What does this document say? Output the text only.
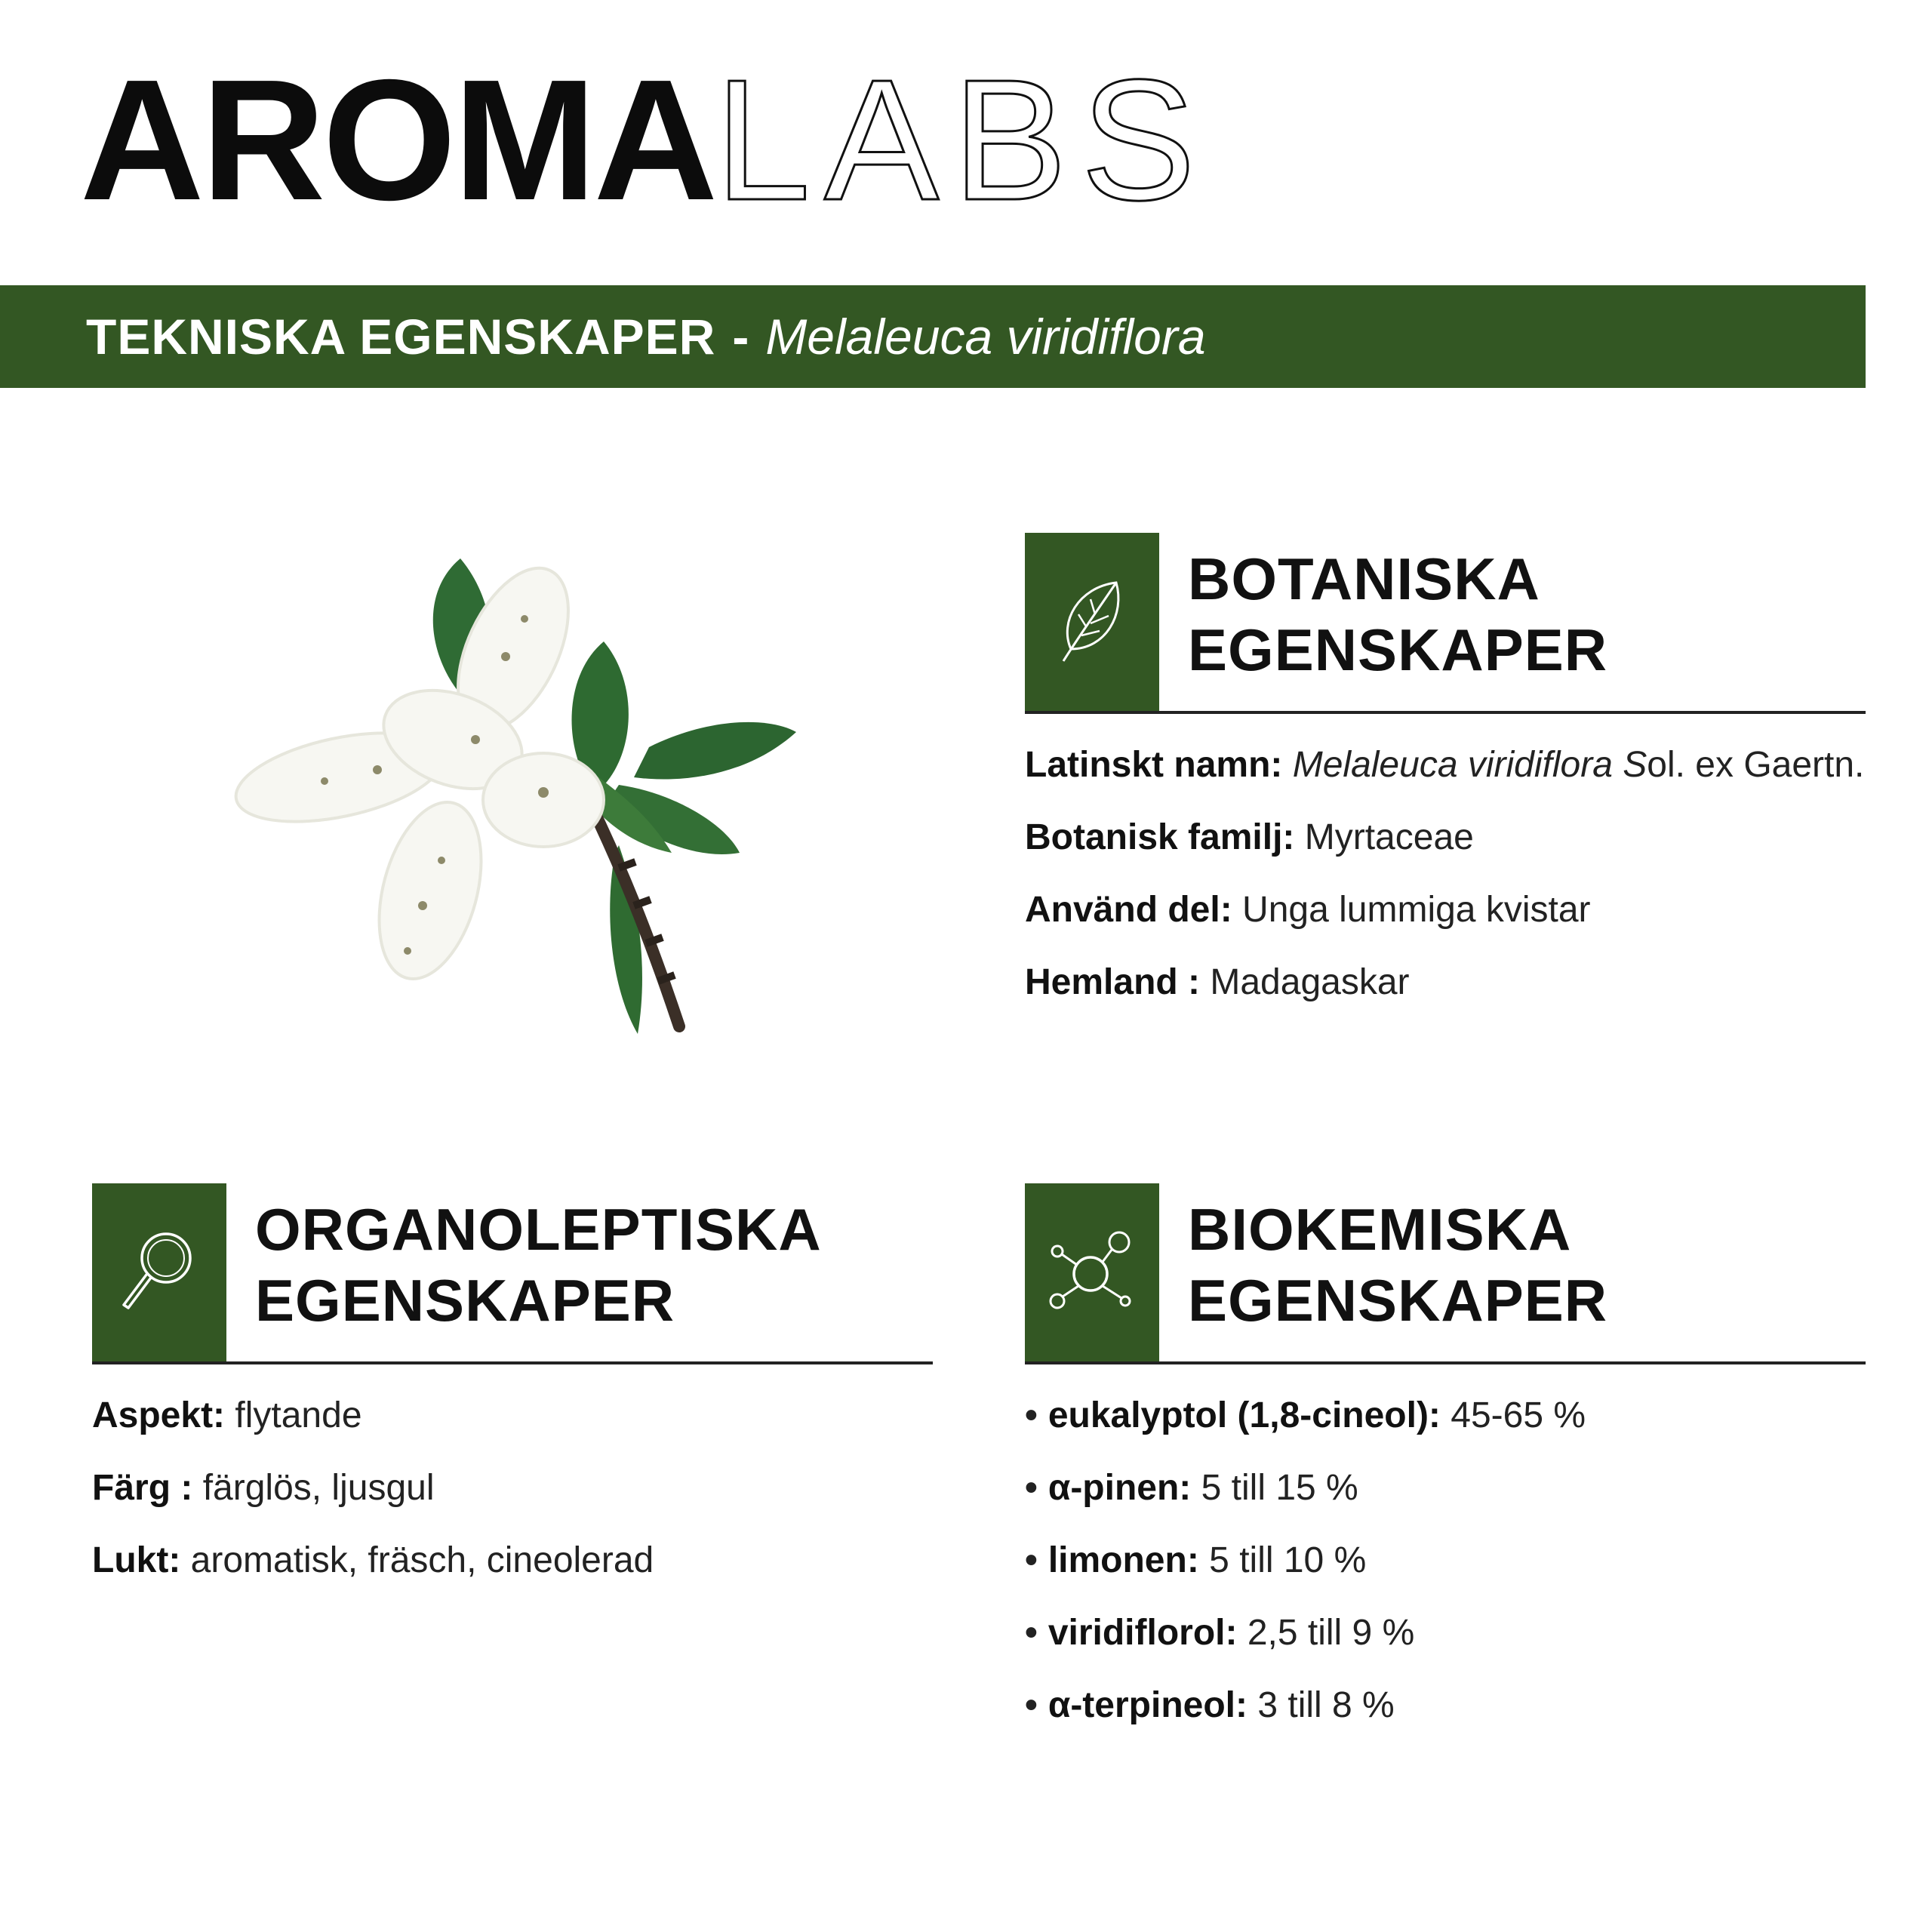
AROMA LABS
TEKNISKA EGENSKAPER - Melaleuca viridiflora
BOTANISKA
EGENSKAPER
Latinskt namn: Melaleuca viridiflora Sol. ex Gaertn.
Botanisk familj: Myrtaceae
Använd del: Unga lummiga kvistar
Hemland : Madagaskar
ORGANOLEPTISKA
EGENSKAPER
Aspekt: flytande
Färg : färglös, ljusgul
Lukt: aromatisk, fräsch, cineolerad
BIOKEMISKA
EGENSKAPER
• eukalyptol (1,8-cineol): 45-65 %
• α-pinen: 5 till 15 %
• limonen: 5 till 10 %
• viridiflorol: 2,5 till 9 %
• α-terpineol: 3 till 8 %
